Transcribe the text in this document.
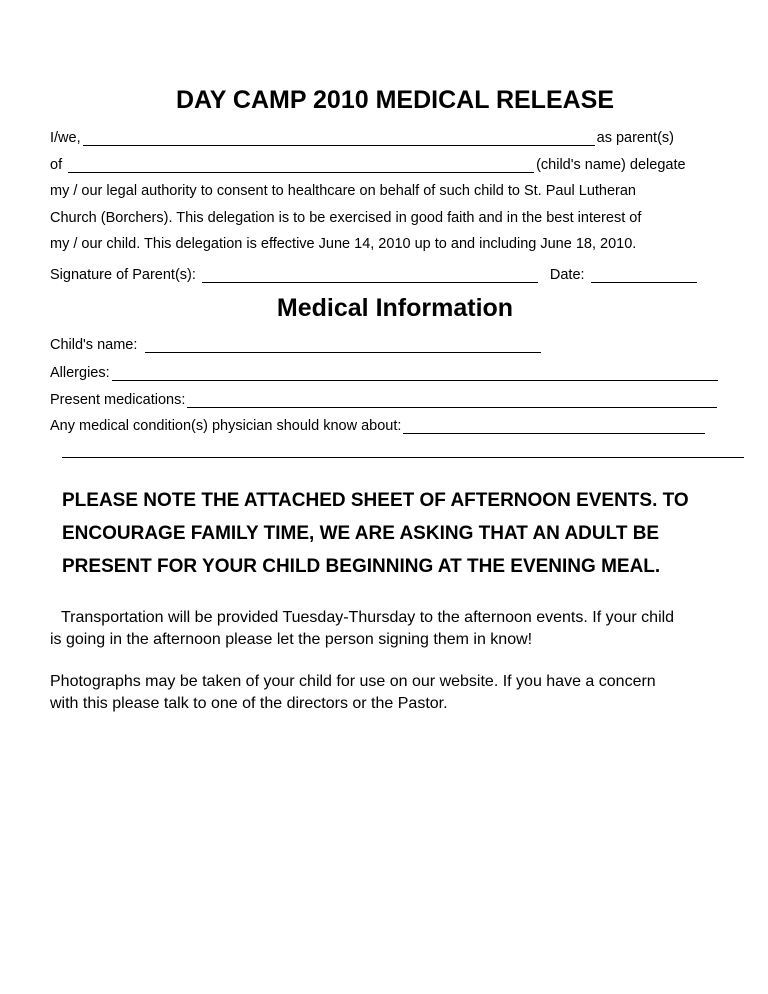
DAY CAMP 2010 MEDICAL RELEASE
I/we,	as parent(s)
of	(child's name) delegate
my / our legal authority to consent to healthcare on behalf of such child to St. Paul Lutheran
Church (Borchers). This delegation is to be exercised in good faith and in the best interest of
my / our child. This delegation is effective June 14, 2010 up to and including June 18, 2010.
Signature of Parent(s):	Date:
Medical Information
Child's name:
Allergies:
Present medications:
Any medical condition(s) physician should know about:
PLEASE NOTE THE ATTACHED SHEET OF AFTERNOON EVENTS. TO
ENCOURAGE FAMILY TIME, WE ARE ASKING THAT AN ADULT BE
PRESENT FOR YOUR CHILD BEGINNING AT THE EVENING MEAL.
Transportation will be provided Tuesday-Thursday to the afternoon events. If your child
is going in the afternoon please let the person signing them in know!
Photographs may be taken of your child for use on our website. If you have a concern
with this please talk to one of the directors or the Pastor.
